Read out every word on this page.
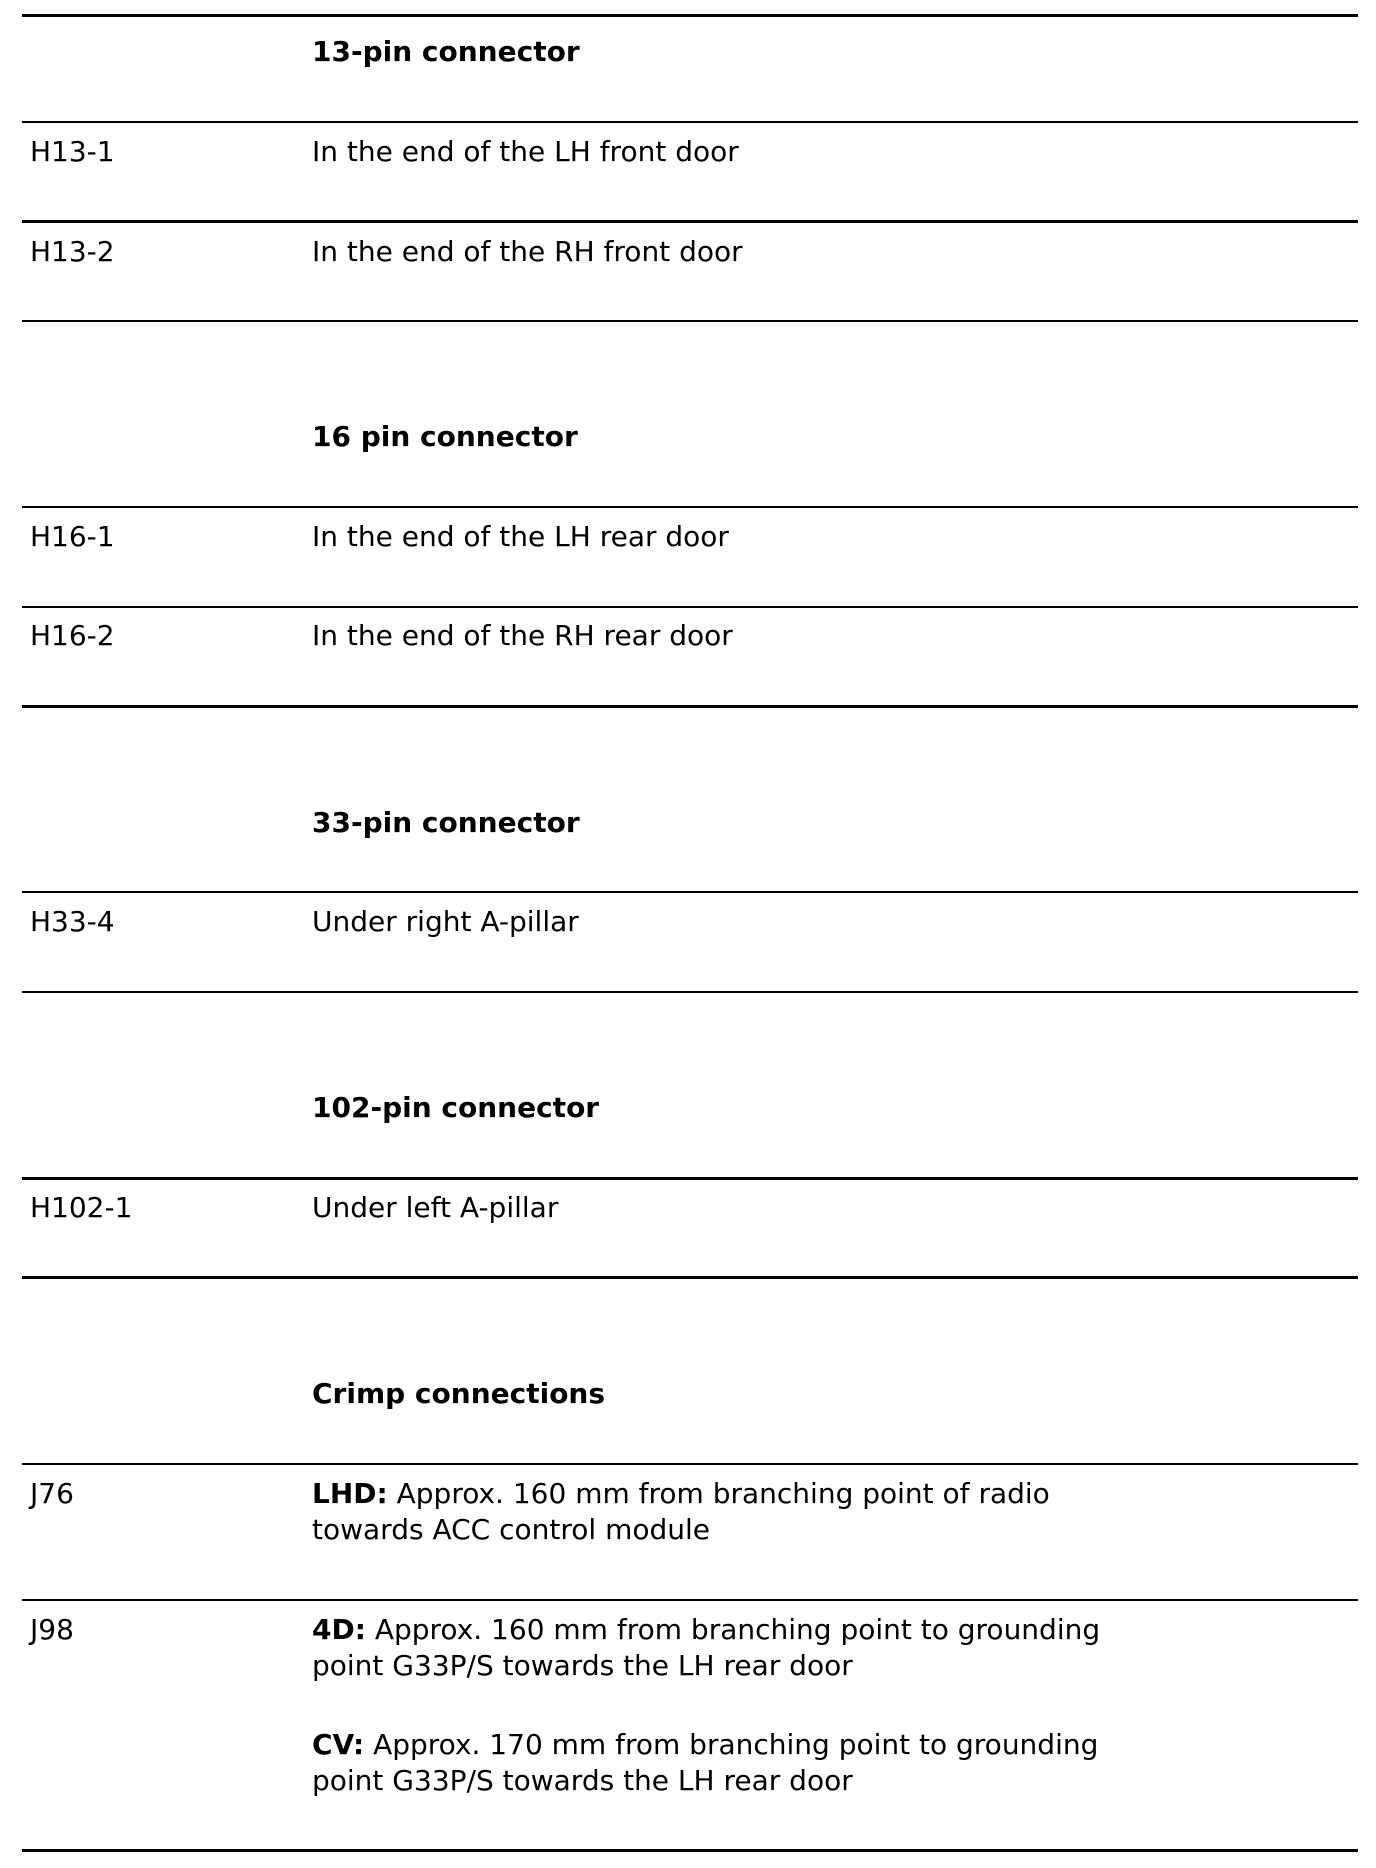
13-pin connector
H13-1	In the end of the LH front door
H13-2	In the end of the RH front door
16 pin connector
H16-1	In the end of the LH rear door
H16-2	In the end of the RH rear door
33-pin connector
H33-4	Under right A-pillar
102-pin connector
H102-1	Under left A-pillar
Crimp connections
J76	LHD: Approx. 160 mm from branching point of radio
towards ACC control module
J98	4D: Approx. 160 mm from branching point to grounding
point G33P/S towards the LH rear door
CV: Approx. 170 mm from branching point to grounding
point G33P/S towards the LH rear door
